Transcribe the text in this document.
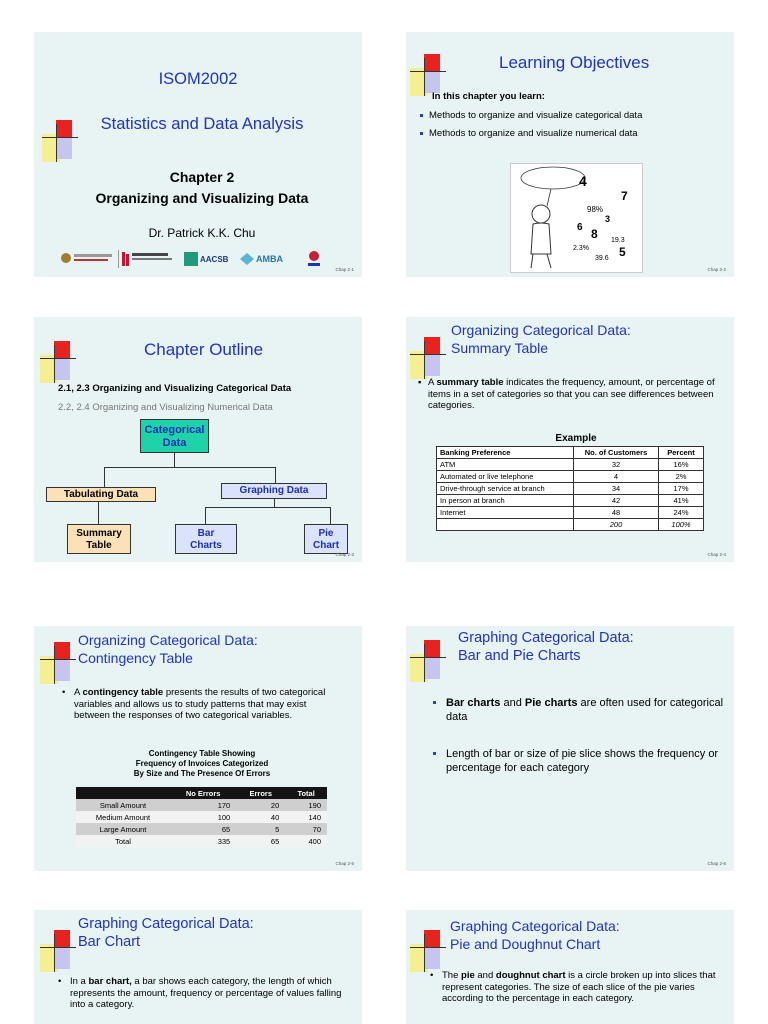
ISOM2002
Statistics and Data Analysis
Chapter 2
Organizing and Visualizing Data
Dr. Patrick K.K. Chu
AACSB	AMBA
Chap 2-1
Learning Objectives
In this chapter you learn:
Methods to organize and visualize categorical data
Methods to organize and visualize numerical data
4
7
98%
3
6 8 19.3
2.3%	5
39.6
Chap 2-2
Chapter Outline
2.1, 2.3 Organizing and Visualizing Categorical Data
2.2, 2.4 Organizing and Visualizing Numerical Data
Categorical Data
Tabulating Data	Graphing Data
Summary Table
Bar Charts
Pie Chart
Chap 2-3
Organizing Categorical Data:
Summary Table
▪ A summary table indicates the frequency, amount, or percentage of items in a set of categories so that you can see differences between categories.
Example
Banking Preference	No. of Customers	Percent
ATM	32	16%
Automated or live telephone	4	2%
Drive-through service at branch	34	17%
In person at branch	42	41%
Internet	48	24%
	200	100%
Chap 2-4
Organizing Categorical Data:
Contingency Table
• A contingency table presents the results of two categorical variables and allows us to study patterns that may exist between the responses of two categorical variables.
Contingency Table Showing
Frequency of Invoices Categorized
By Size and The Presence Of Errors
	No Errors	Errors	Total
Small Amount	170	20	190
Medium Amount	100	40	140
Large Amount	65	5	70
Total	335	65	400
Chap 2-5
Graphing Categorical Data:
Bar and Pie Charts
Bar charts and Pie charts are often used for categorical data
Length of bar or size of pie slice shows the frequency or percentage for each category
Chap 2-6
Graphing Categorical Data:
Bar Chart
• In a bar chart, a bar shows each category, the length of which represents the amount, frequency or percentage of values falling into a category.
Graphing Categorical Data:
Pie and Doughnut Chart
• The pie and doughnut chart is a circle broken up into slices that represent categories. The size of each slice of the pie varies according to the percentage in each category.
